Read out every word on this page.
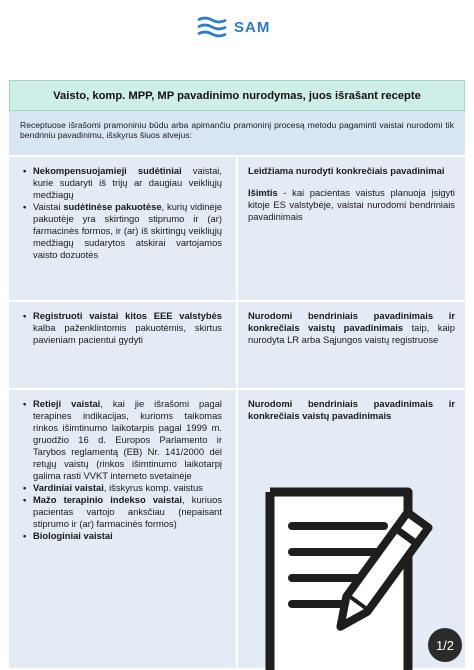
SAM
Vaisto, komp. MPP, MP pavadinimo nurodymas, juos išrašant recepte
Receptuose išrašomi pramoniniu būdu arba apimančiu pramoninį procesą metodu pagaminti vaistai nurodomi tik bendriniu pavadinimu, išskyrus šiuos atvejus:
• Nekompensuojamieji sudėtiniai vaistai, kurie sudaryti iš trijų ar daugiau veikliųjų medžiagų
• Vaistai sudėtinėse pakuotėse, kurių vidinėje pakuotėje yra skirtingo stiprumo ir (ar) farmacinės formos, ir (ar) iš skirtingų veikliųjų medžiagų sudarytos atskirai vartojamos vaisto dozuotės

Leidžiama nurodyti konkrečiais pavadinimai

Išimtis - kai pacientas vaistus planuoja įsigyti kitoje ES valstybėje, vaistai nurodomi bendriniais pavadinimais

• Registruoti vaistai kitos EEE valstybės kalba paženklintomis pakuotėmis, skirtus pavieniam pacientui gydyti

Nurodomi bendriniais pavadinimais ir konkrečiais vaistų pavadinimais taip, kaip nurodyta LR arba Sąjungos vaistų registruose

• Retieji vaistai, kai jie išrašomi pagal terapines indikacijas, kurioms taikomas rinkos išimtinumo laikotarpis pagal 1999 m. gruodžio 16 d. Europos Parlamento ir Tarybos reglamentą (EB) Nr. 141/2000 dėl retųjų vaistų (rinkos išimtinumo laikotarpį galima rasti VVKT interneto svetainėje
• Vardiniai vaistai, išskyrus komp. vaistus
• Mažo terapinio indekso vaistai, kuriuos pacientas vartojo anksčiau (nepaisant stiprumo ir (ar) farmacinės formos)
• Biologiniai vaistai

Nurodomi bendriniais pavadinimais ir konkrečiais vaistų pavadinimais

1/2
